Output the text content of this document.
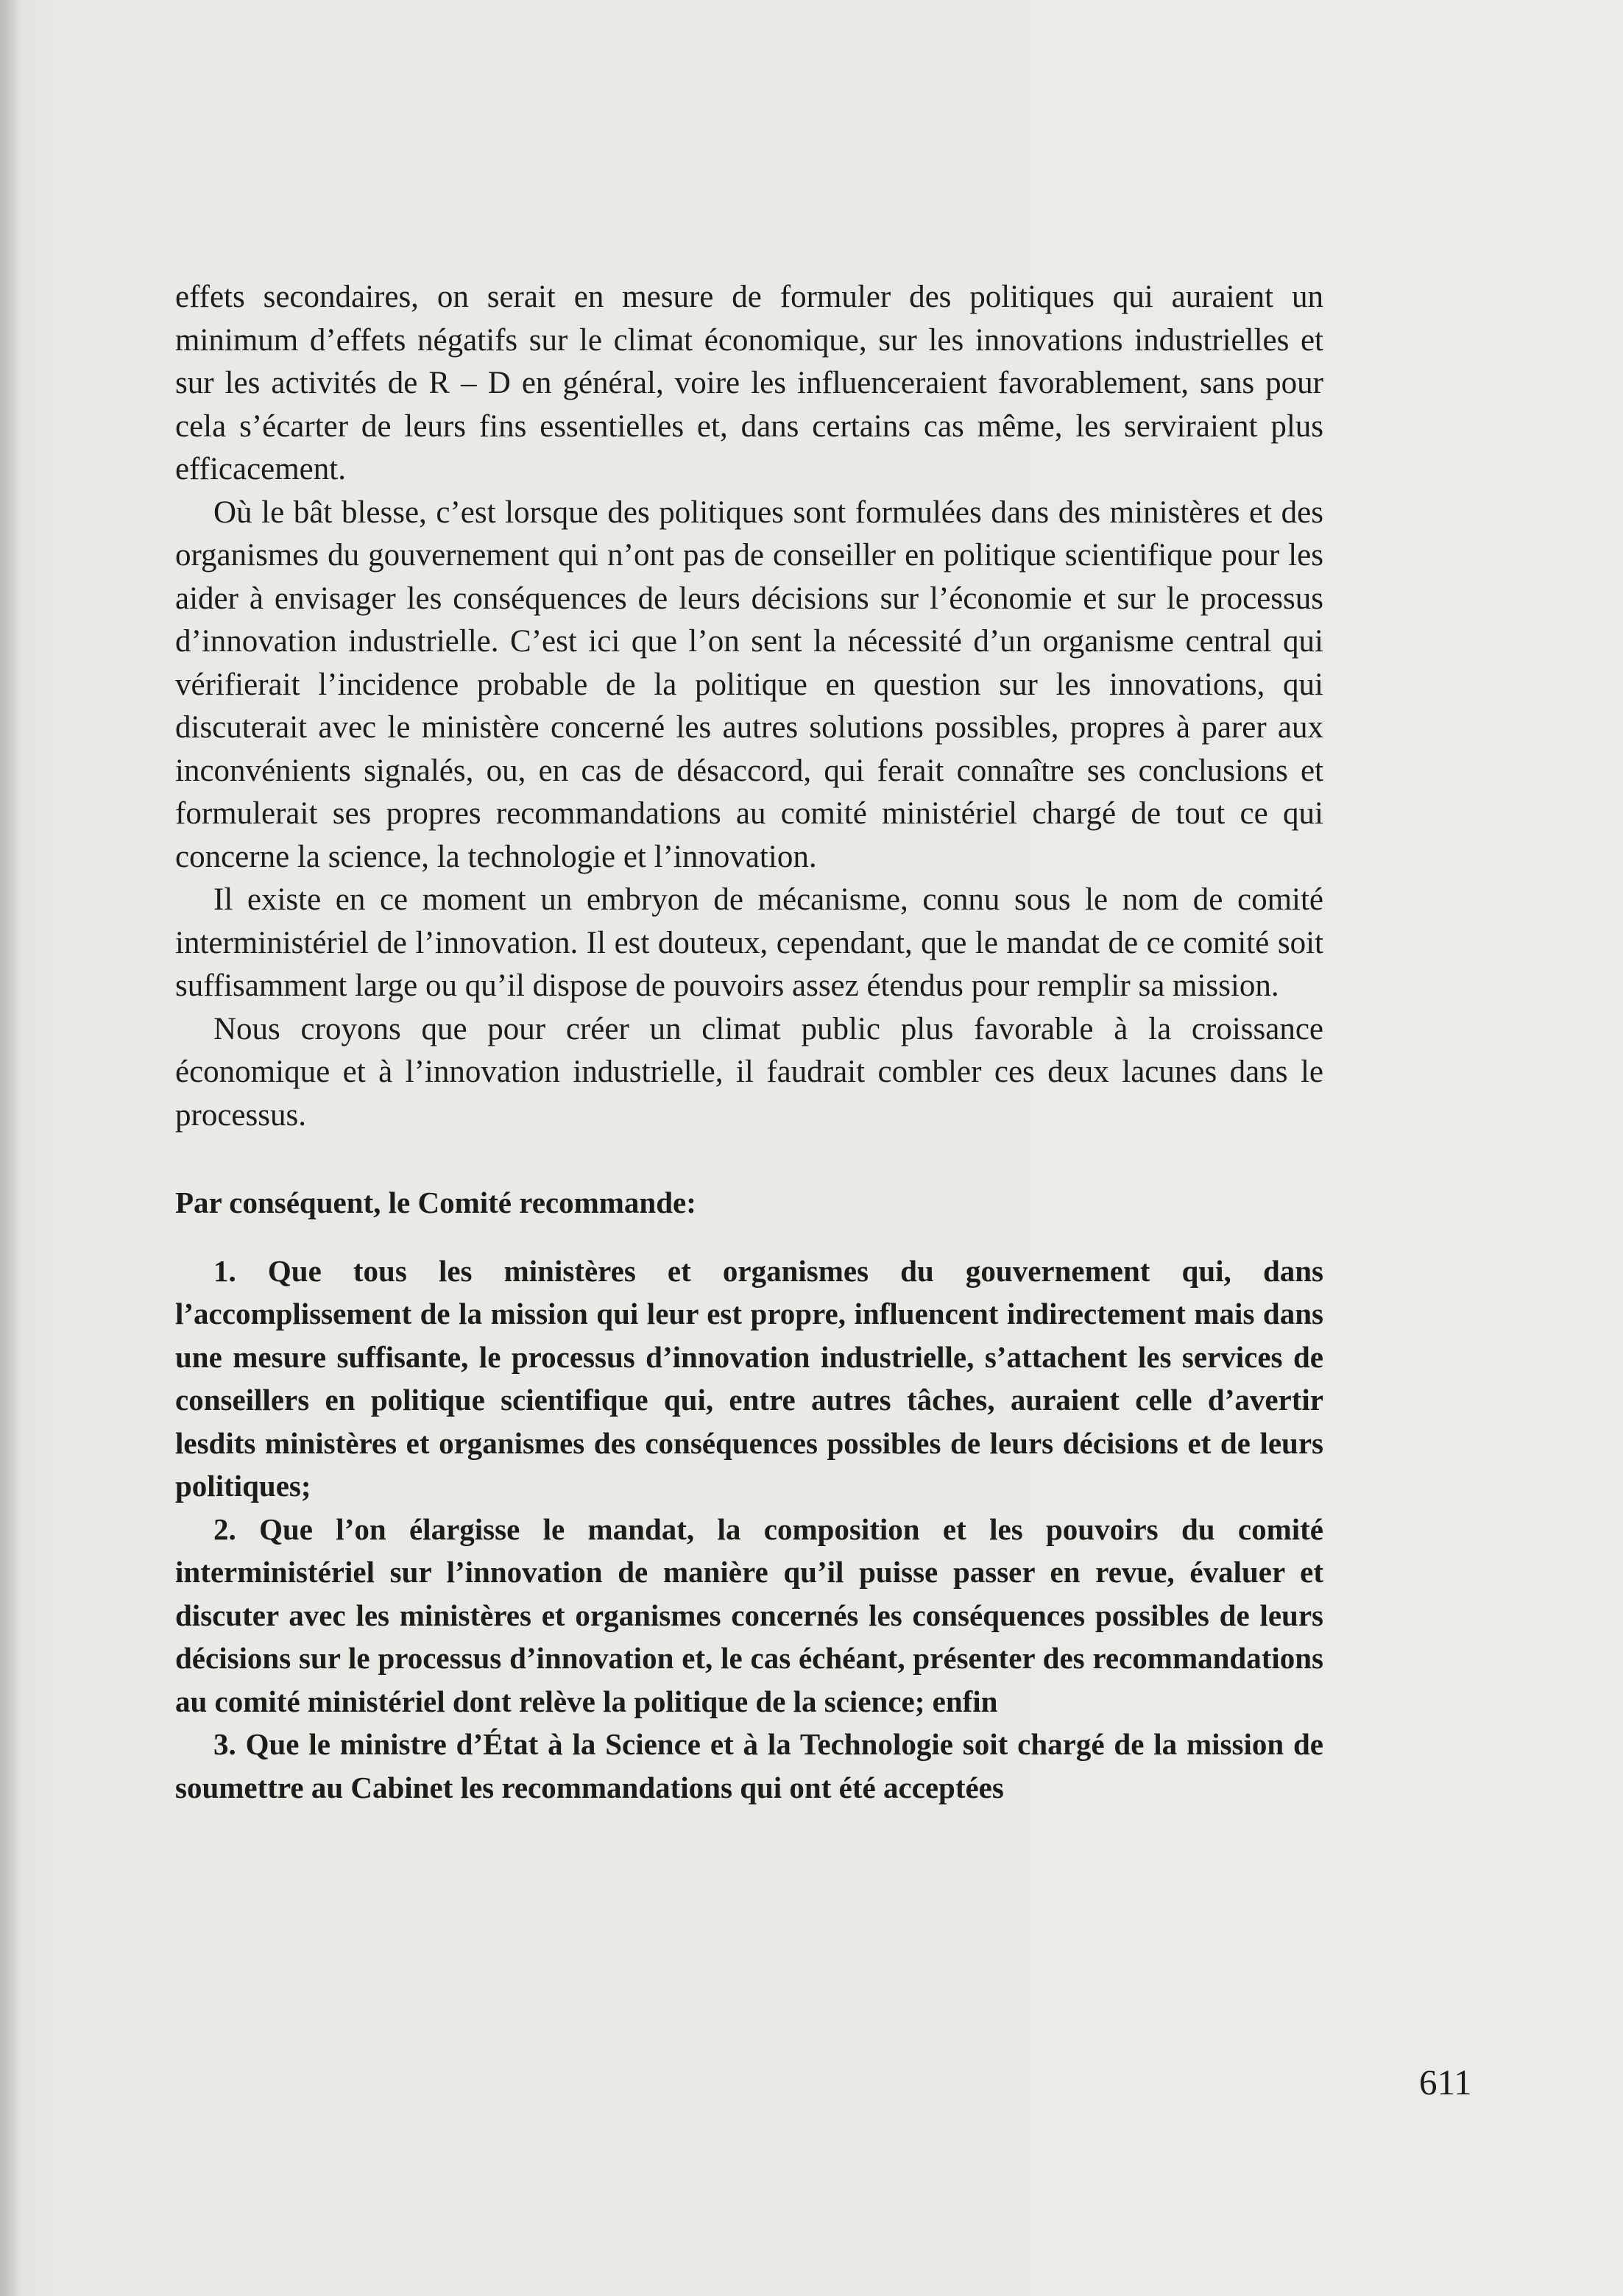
effets secondaires, on serait en mesure de formuler des politiques qui auraient un minimum d’effets négatifs sur le climat économique, sur les innovations industrielles et sur les activités de R – D en général, voire les influenceraient favorablement, sans pour cela s’écarter de leurs fins essentielles et, dans certains cas même, les serviraient plus efficacement.

Où le bât blesse, c’est lorsque des politiques sont formulées dans des ministères et des organismes du gouvernement qui n’ont pas de conseiller en politique scientifique pour les aider à envisager les conséquences de leurs décisions sur l’économie et sur le processus d’innovation industrielle. C’est ici que l’on sent la nécessité d’un organisme central qui vérifierait l’incidence probable de la politique en question sur les innovations, qui discuterait avec le ministère concerné les autres solutions possibles, propres à parer aux inconvénients signalés, ou, en cas de désaccord, qui ferait connaître ses conclusions et formulerait ses propres recommandations au comité ministériel chargé de tout ce qui concerne la science, la technologie et l’innovation.

Il existe en ce moment un embryon de mécanisme, connu sous le nom de comité interministériel de l’innovation. Il est douteux, cependant, que le mandat de ce comité soit suffisamment large ou qu’il dispose de pouvoirs assez étendus pour remplir sa mission.

Nous croyons que pour créer un climat public plus favorable à la croissance économique et à l’innovation industrielle, il faudrait combler ces deux lacunes dans le processus.

Par conséquent, le Comité recommande:

1. Que tous les ministères et organismes du gouvernement qui, dans l’accomplissement de la mission qui leur est propre, influencent indirectement mais dans une mesure suffisante, le processus d’innovation industrielle, s’attachent les services de conseillers en politique scientifique qui, entre autres tâches, auraient celle d’avertir lesdits ministères et organismes des conséquences possibles de leurs décisions et de leurs politiques;

2. Que l’on élargisse le mandat, la composition et les pouvoirs du comité interministériel sur l’innovation de manière qu’il puisse passer en revue, évaluer et discuter avec les ministères et organismes concernés les conséquences possibles de leurs décisions sur le processus d’innovation et, le cas échéant, présenter des recommandations au comité ministériel dont relève la politique de la science; enfin

3. Que le ministre d’État à la Science et à la Technologie soit chargé de la mission de soumettre au Cabinet les recommandations qui ont été acceptées

611
